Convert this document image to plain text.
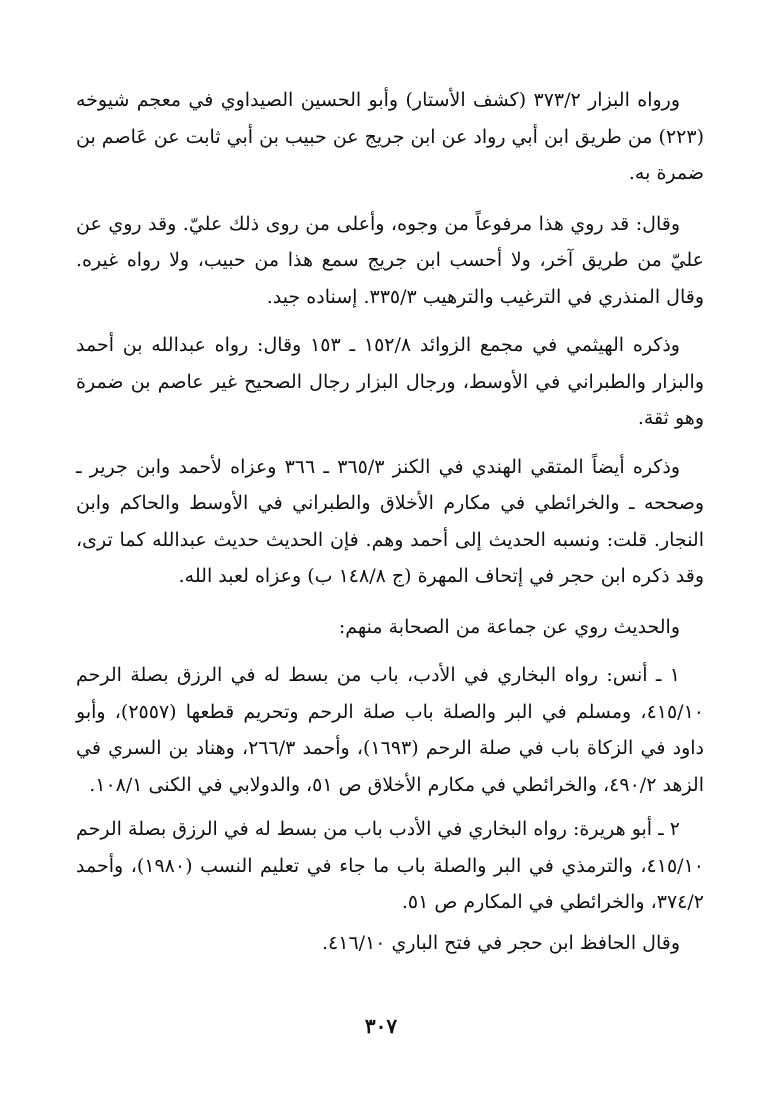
ورواه البزار ٣٧٣/٢ (كشف الأستار) وأبو الحسين الصيداوي في معجم شيوخه (٢٢٣) من طريق ابن أبي رواد عن ابن جريج عن حبيب بن أبي ثابت عن عَاصم بن ضمرة به.

وقال: قد روي هذا مرفوعاً من وجوه، وأعلى من روى ذلك عليّ. وقد روي عن عليّ من طريق آخر، ولا أحسب ابن جريج سمع هذا من حبيب، ولا رواه غيره. وقال المنذري في الترغيب والترهيب ٣٣٥/٣. إسناده جيد.

وذكره الهيثمي في مجمع الزوائد ١٥٢/٨ ـ ١٥٣ وقال: رواه عبدالله بن أحمد والبزار والطبراني في الأوسط، ورجال البزار رجال الصحيح غير عاصم بن ضمرة وهو ثقة.

وذكره أيضاً المتقي الهندي في الكنز ٣٦٥/٣ ـ ٣٦٦ وعزاه لأحمد وابن جرير ـ وصححه ـ والخرائطي في مكارم الأخلاق والطبراني في الأوسط والحاكم وابن النجار. قلت: ونسبه الحديث إلى أحمد وهم. فإن الحديث حديث عبدالله كما ترى، وقد ذكره ابن حجر في إتحاف المهرة (ج ١٤٨/٨ ب) وعزاه لعبد الله.

والحديث روي عن جماعة من الصحابة منهم:

١ ـ أنس: رواه البخاري في الأدب، باب من بسط له في الرزق بصلة الرحم ٤١٥/١٠، ومسلم في البر والصلة باب صلة الرحم وتحريم قطعها (٢٥٥٧)، وأبو داود في الزكاة باب في صلة الرحم (١٦٩٣)، وأحمد ٢٦٦/٣، وهناد بن السري في الزهد ٤٩٠/٢، والخرائطي في مكارم الأخلاق ص ٥١، والدولابي في الكنى ١٠٨/١.

٢ ـ أبو هريرة: رواه البخاري في الأدب باب من بسط له في الرزق بصلة الرحم ٤١٥/١٠، والترمذي في البر والصلة باب ما جاء في تعليم النسب (١٩٨٠)، وأحمد ٣٧٤/٢، والخرائطي في المكارم ص ٥١.

وقال الحافظ ابن حجر في فتح الباري ٤١٦/١٠.

٣٠٧
